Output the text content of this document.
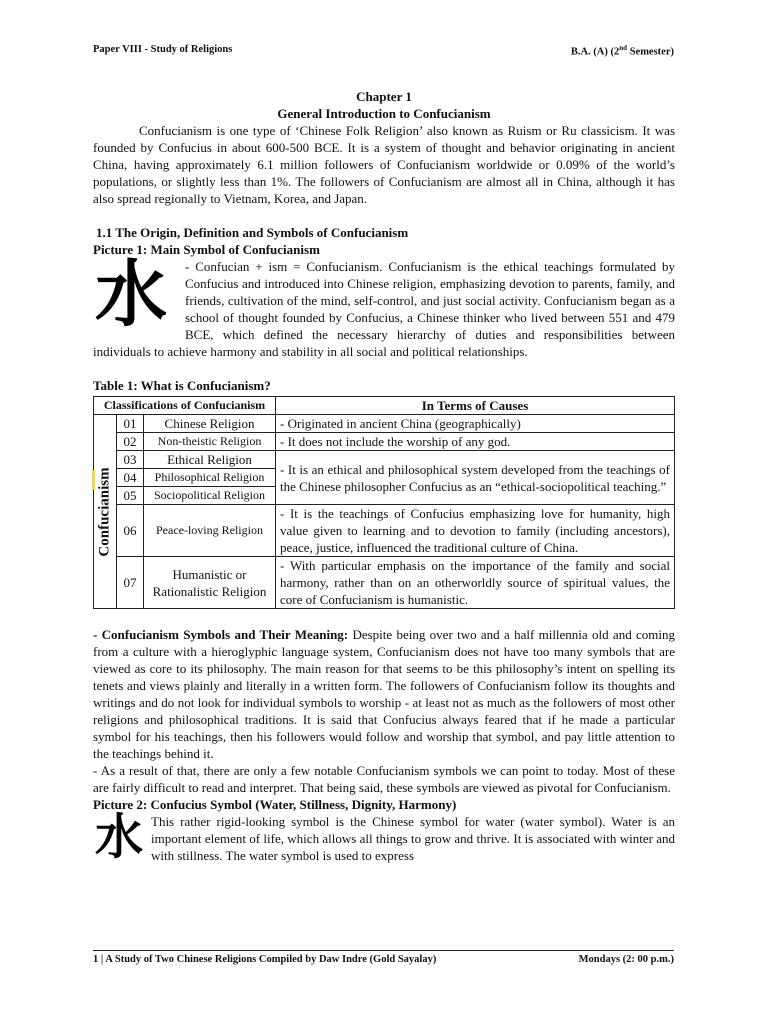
Paper VIII - Study of Religions	B.A. (A) (2nd Semester)
Chapter 1
General Introduction to Confucianism

Confucianism is one type of ‘Chinese Folk Religion’ also known as Ruism or Ru classicism. It was founded by Confucius in about 600-500 BCE. It is a system of thought and behavior originating in ancient China, having approximately 6.1 million followers of Confucianism worldwide or 0.09% of the world’s populations, or slightly less than 1%. The followers of Confucianism are almost all in China, although it has also spread regionally to Vietnam, Korea, and Japan.

1.1 The Origin, Definition and Symbols of Confucianism
Picture 1: Main Symbol of Confucianism
水	- Confucian + ism = Confucianism. Confucianism is the ethical teachings formulated by Confucius and introduced into Chinese religion, emphasizing devotion to parents, family, and friends, cultivation of the mind, self-control, and just social activity. Confucianism began as a school of thought founded by Confucius, a Chinese thinker who lived between 551 and 479 BCE, which defined the necessary hierarchy of duties and responsibilities between individuals to achieve harmony and stability in all social and political relationships.

Table 1: What is Confucianism?
Classifications of Confucianism			In Terms of Causes

Confucianism	01	Chinese Religion	- Originated in ancient China (geographically)
	02	Non-theistic Religion	- It does not include the worship of any god.
	03	Ethical Religion	- It is an ethical and philosophical system developed from the teachings of the Chinese philosopher Confucius as an “ethical-sociopolitical teaching.”
	04	Philosophical Religion	
	05	Sociopolitical Religion	
	06	Peace-loving Religion	- It is the teachings of Confucius emphasizing love for humanity, high value given to learning and to devotion to family (including ancestors), peace, justice, influenced the traditional culture of China.
	07	Humanistic or Rationalistic Religion	- With particular emphasis on the importance of the family and social harmony, rather than on an otherworldly source of spiritual values, the core of Confucianism is humanistic.

- Confucianism Symbols and Their Meaning: Despite being over two and a half millennia old and coming from a culture with a hieroglyphic language system, Confucianism does not have too many symbols that are viewed as core to its philosophy. The main reason for that seems to be this philosophy’s intent on spelling its tenets and views plainly and literally in a written form. The followers of Confucianism follow its thoughts and writings and do not look for individual symbols to worship - at least not as much as the followers of most other religions and philosophical traditions. It is said that Confucius always feared that if he made a particular symbol for his teachings, then his followers would follow and worship that symbol, and pay little attention to the teachings behind it.

- As a result of that, there are only a few notable Confucianism symbols we can point to today. Most of these are fairly difficult to read and interpret. That being said, these symbols are viewed as pivotal for Confucianism.

Picture 2: Confucius Symbol (Water, Stillness, Dignity, Harmony)
水 This rather rigid-looking symbol is the Chinese symbol for water (water symbol). Water is an important element of life, which allows all things to grow and thrive. It is associated with winter and with stillness. The water symbol is used to express

1 | A Study of Two Chinese Religions Compiled by Daw Indre (Gold Sayalay)	Mondays (2: 00 p.m.)
